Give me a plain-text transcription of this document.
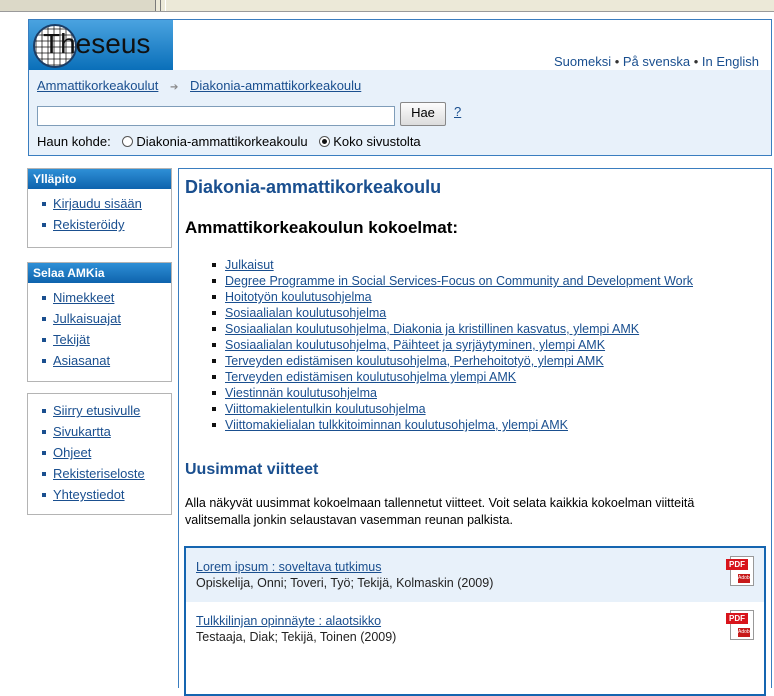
Theseus
Suomeksi • På svenska • In English
Ammattikorkeakoulut ➔ Diakonia-ammattikorkeakoulu
Hae	?
Haun kohde: Diakonia-ammattikorkeakoulu Koko sivustolta
Ylläpito
Kirjaudu sisään
Rekisteröidy
Selaa AMKia
Nimekkeet
Julkaisuajat
Tekijät
Asiasanat
Siirry etusivulle
Sivukartta
Ohjeet
Rekisteriseloste
Yhteystiedot
Diakonia-ammattikorkeakoulu
Ammattikorkeakoulun kokoelmat:
Julkaisut
Degree Programme in Social Services-Focus on Community and Development Work
Hoitotyön koulutusohjelma
Sosiaalialan koulutusohjelma
Sosiaalialan koulutusohjelma, Diakonia ja kristillinen kasvatus, ylempi AMK
Sosiaalialan koulutusohjelma, Päihteet ja syrjäytyminen, ylempi AMK
Terveyden edistämisen koulutusohjelma, Perhehoitotyö, ylempi AMK
Terveyden edistämisen koulutusohjelma ylempi AMK
Viestinnän koulutusohjelma
Viittomakielentulkin koulutusohjelma
Viittomakielialan tulkkitoiminnan koulutusohjelma, ylempi AMK
Uusimmat viitteet
Alla näkyvät uusimmat kokoelmaan tallennetut viitteet. Voit selata kaikkia kokoelman viitteitä valitsemalla jonkin selaustavan vasemman reunan palkista.
Lorem ipsum : soveltava tutkimus
Opiskelija, Onni; Toveri, Työ; Tekijä, Kolmaskin (2009)
PDF
Adobe
Tulkkilinjan opinnäyte : alaotsikko
Testaaja, Diak; Tekijä, Toinen (2009)
PDF
Adobe
